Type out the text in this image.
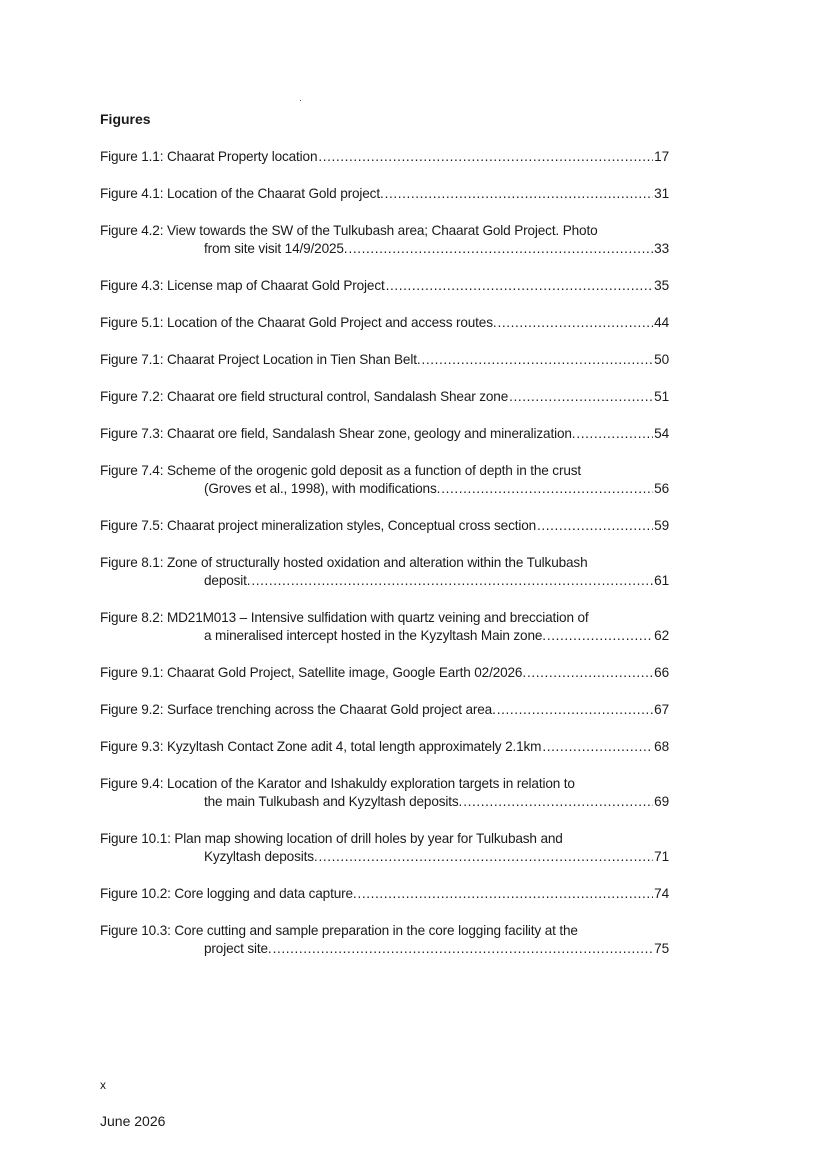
Figures
Figure 1.1: Chaarat Property location .....	17
Figure 4.1: Location of the Chaarat Gold project. .....	31
Figure 4.2: View towards the SW of the Tulkubash area; Chaarat Gold Project. Photo
from site visit 14/9/2025. .....	33
Figure 4.3: License map of Chaarat Gold Project .....	35
Figure 5.1: Location of the Chaarat Gold Project and access routes. .....	44
Figure 7.1: Chaarat Project Location in Tien Shan Belt. .....	50
Figure 7.2: Chaarat ore field structural control, Sandalash Shear zone .....	51
Figure 7.3: Chaarat ore field, Sandalash Shear zone, geology and mineralization. .....	54
Figure 7.4: Scheme of the orogenic gold deposit as a function of depth in the crust
(Groves et al., 1998), with modifications. .....	56
Figure 7.5: Chaarat project mineralization styles, Conceptual cross section .....	59
Figure 8.1: Zone of structurally hosted oxidation and alteration within the Tulkubash
deposit. .....	61
Figure 8.2: MD21M013 – Intensive sulfidation with quartz veining and brecciation of
a mineralised intercept hosted in the Kyzyltash Main zone. .....	62
Figure 9.1: Chaarat Gold Project, Satellite image, Google Earth 02/2026. .....	66
Figure 9.2: Surface trenching across the Chaarat Gold project area. .....	67
Figure 9.3: Kyzyltash Contact Zone adit 4, total length approximately 2.1km .....	68
Figure 9.4: Location of the Karator and Ishakuldy exploration targets in relation to
the main Tulkubash and Kyzyltash deposits. .....	69
Figure 10.1: Plan map showing location of drill holes by year for Tulkubash and
Kyzyltash deposits. .....	71
Figure 10.2: Core logging and data capture. .....	74
Figure 10.3: Core cutting and sample preparation in the core logging facility at the
project site. .....	75
x
June 2026
